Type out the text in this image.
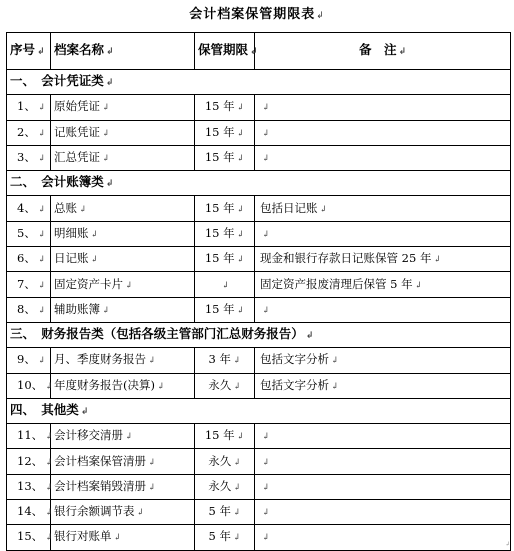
会计档案保管期限表↲
序号 ↲	档案名称 ↲	保管期限 ↲	备　注 ↲
一、　会计凭证类 ↲			
1、 ↲	原始凭证 ↲	15 年 ↲	↲
2、 ↲	记账凭证 ↲	15 年 ↲	↲
3、 ↲	汇总凭证 ↲	15 年 ↲	↲
二、　会计账簿类 ↲			
4、 ↲	总账 ↲	15 年 ↲	包括日记账 ↲
5、 ↲	明细账 ↲	15 年 ↲	↲
6、 ↲	日记账 ↲	15 年 ↲	现金和银行存款日记账保管 25 年 ↲
7、 ↲	固定资产卡片 ↲	↲	固定资产报废清理后保管 5 年 ↲
8、 ↲	辅助账簿 ↲	15 年 ↲	↲
三、　财务报告类（包括各级主管部门汇总财务报告） ↲			
9、 ↲	月、季度财务报告 ↲	3 年 ↲	包括文字分析 ↲
10、 ↲	年度财务报告(决算) ↲	永久 ↲	包括文字分析 ↲
四、　其他类 ↲			
11、 ↲	会计移交清册 ↲	15 年 ↲	↲
12、 ↲	会计档案保管清册 ↲	永久 ↲	↲
13、 ↲	会计档案销毁清册 ↲	永久 ↲	↲
14、 ↲	银行余额调节表 ↲	5 年 ↲	↲
15、 ↲	银行对账单 ↲	5 年 ↲	↲
↲
